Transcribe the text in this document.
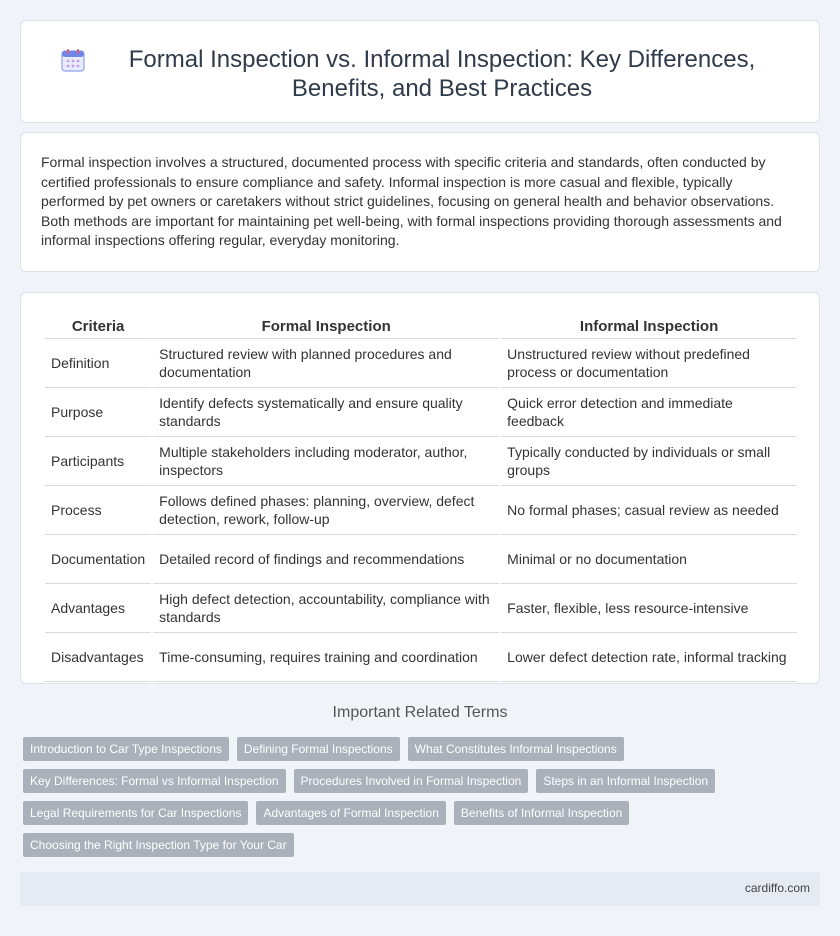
Formal Inspection vs. Informal Inspection: Key Differences, Benefits, and Best Practices

Formal inspection involves a structured, documented process with specific criteria and standards, often conducted by certified professionals to ensure compliance and safety. Informal inspection is more casual and flexible, typically performed by pet owners or caretakers without strict guidelines, focusing on general health and behavior observations. Both methods are important for maintaining pet well-being, with formal inspections providing thorough assessments and informal inspections offering regular, everyday monitoring.

Criteria	Formal Inspection	Informal Inspection
Definition	Structured review with planned procedures and documentation	Unstructured review without predefined process or documentation
Purpose	Identify defects systematically and ensure quality standards	Quick error detection and immediate feedback
Participants	Multiple stakeholders including moderator, author, inspectors	Typically conducted by individuals or small groups
Process	Follows defined phases: planning, overview, defect detection, rework, follow-up	No formal phases; casual review as needed
Documentation	Detailed record of findings and recommendations	Minimal or no documentation
Advantages	High defect detection, accountability, compliance with standards	Faster, flexible, less resource-intensive
Disadvantages	Time-consuming, requires training and coordination	Lower defect detection rate, informal tracking
Important Related Terms
Introduction to Car Type Inspections	Defining Formal Inspections	What Constitutes Informal Inspections
Key Differences: Formal vs Informal Inspection	Procedures Involved in Formal Inspection	Steps in an Informal Inspection
Legal Requirements for Car Inspections	Advantages of Formal Inspection	Benefits of Informal Inspection
Choosing the Right Inspection Type for Your Car
cardiffo.com
